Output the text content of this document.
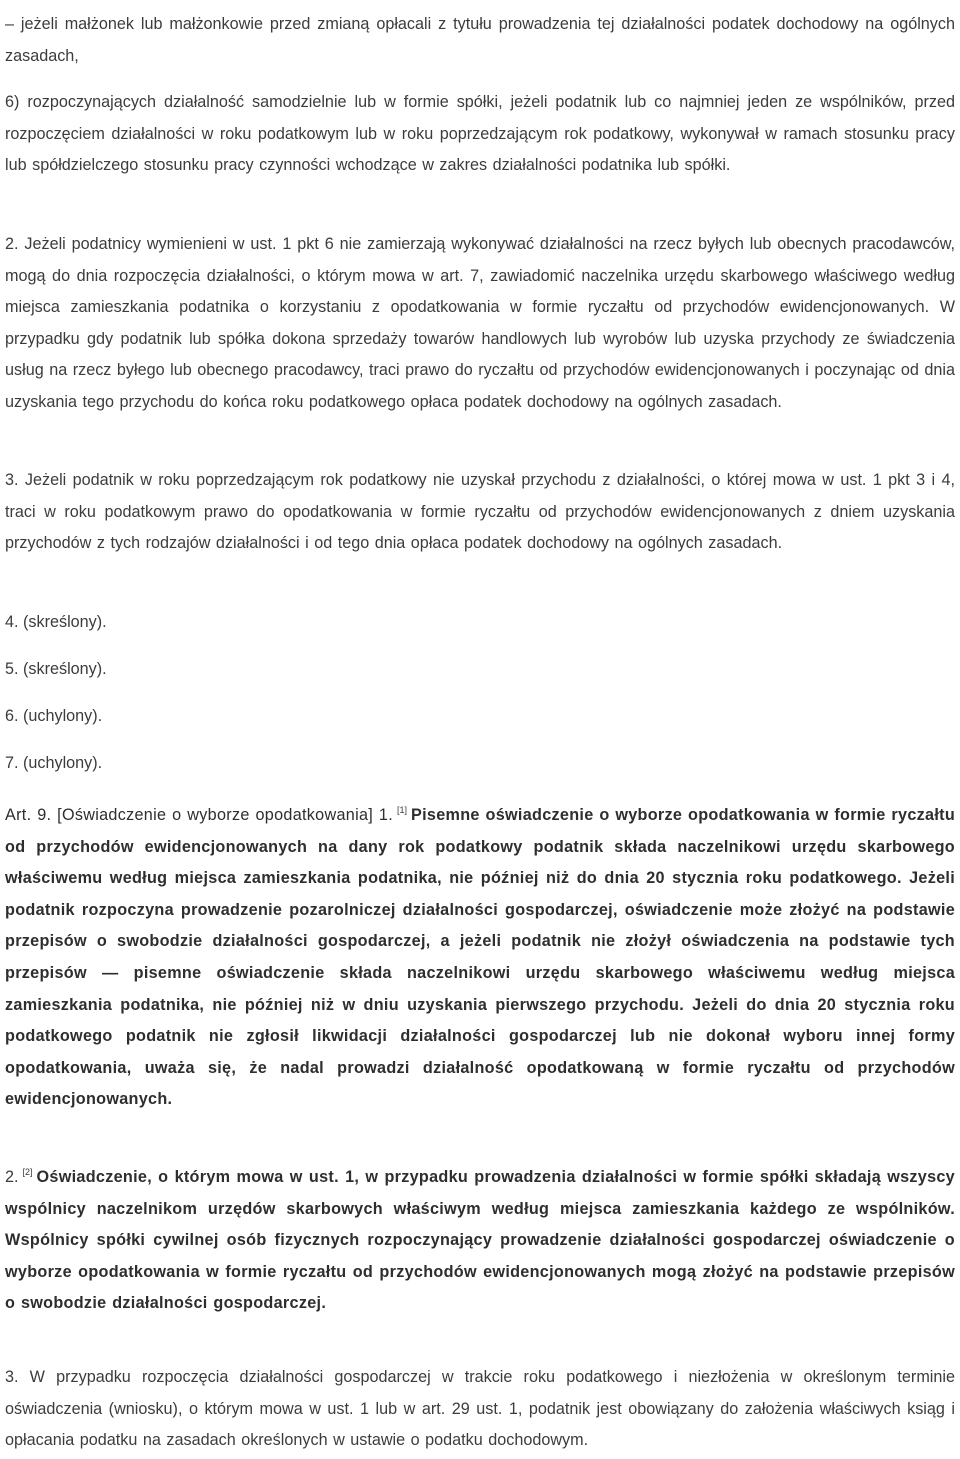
– jeżeli małżonek lub małżonkowie przed zmianą opłacali z tytułu prowadzenia tej działalności podatek dochodowy na ogólnych zasadach,

6) rozpoczynających działalność samodzielnie lub w formie spółki, jeżeli podatnik lub co najmniej jeden ze wspólników, przed rozpoczęciem działalności w roku podatkowym lub w roku poprzedzającym rok podatkowy, wykonywał w ramach stosunku pracy lub spółdzielczego stosunku pracy czynności wchodzące w zakres działalności podatnika lub spółki.

2. Jeżeli podatnicy wymienieni w ust. 1 pkt 6 nie zamierzają wykonywać działalności na rzecz byłych lub obecnych pracodawców, mogą do dnia rozpoczęcia działalności, o którym mowa w art. 7, zawiadomić naczelnika urzędu skarbowego właściwego według miejsca zamieszkania podatnika o korzystaniu z opodatkowania w formie ryczałtu od przychodów ewidencjonowanych. W przypadku gdy podatnik lub spółka dokona sprzedaży towarów handlowych lub wyrobów lub uzyska przychody ze świadczenia usług na rzecz byłego lub obecnego pracodawcy, traci prawo do ryczałtu od przychodów ewidencjonowanych i poczynając od dnia uzyskania tego przychodu do końca roku podatkowego opłaca podatek dochodowy na ogólnych zasadach.

3. Jeżeli podatnik w roku poprzedzającym rok podatkowy nie uzyskał przychodu z działalności, o której mowa w ust. 1 pkt 3 i 4, traci w roku podatkowym prawo do opodatkowania w formie ryczałtu od przychodów ewidencjonowanych z dniem uzyskania przychodów z tych rodzajów działalności i od tego dnia opłaca podatek dochodowy na ogólnych zasadach.

4. (skreślony).

5. (skreślony).

6. (uchylony).

7. (uchylony).

Art. 9. [Oświadczenie o wyborze opodatkowania] 1. [1] Pisemne oświadczenie o wyborze opodatkowania w formie ryczałtu od przychodów ewidencjonowanych na dany rok podatkowy podatnik składa naczelnikowi urzędu skarbowego właściwemu według miejsca zamieszkania podatnika, nie później niż do dnia 20 stycznia roku podatkowego. Jeżeli podatnik rozpoczyna prowadzenie pozarolniczej działalności gospodarczej, oświadczenie może złożyć na podstawie przepisów o swobodzie działalności gospodarczej, a jeżeli podatnik nie złożył oświadczenia na podstawie tych przepisów — pisemne oświadczenie składa naczelnikowi urzędu skarbowego właściwemu według miejsca zamieszkania podatnika, nie później niż w dniu uzyskania pierwszego przychodu. Jeżeli do dnia 20 stycznia roku podatkowego podatnik nie zgłosił likwidacji działalności gospodarczej lub nie dokonał wyboru innej formy opodatkowania, uważa się, że nadal prowadzi działalność opodatkowaną w formie ryczałtu od przychodów ewidencjonowanych.

2. [2] Oświadczenie, o którym mowa w ust. 1, w przypadku prowadzenia działalności w formie spółki składają wszyscy wspólnicy naczelnikom urzędów skarbowych właściwym według miejsca zamieszkania każdego ze wspólników. Wspólnicy spółki cywilnej osób fizycznych rozpoczynający prowadzenie działalności gospodarczej oświadczenie o wyborze opodatkowania w formie ryczałtu od przychodów ewidencjonowanych mogą złożyć na podstawie przepisów o swobodzie działalności gospodarczej.

3. W przypadku rozpoczęcia działalności gospodarczej w trakcie roku podatkowego i niezłożenia w określonym terminie oświadczenia (wniosku), o którym mowa w ust. 1 lub w art. 29 ust. 1, podatnik jest obowiązany do założenia właściwych ksiąg i opłacania podatku na zasadach określonych w ustawie o podatku dochodowym.
